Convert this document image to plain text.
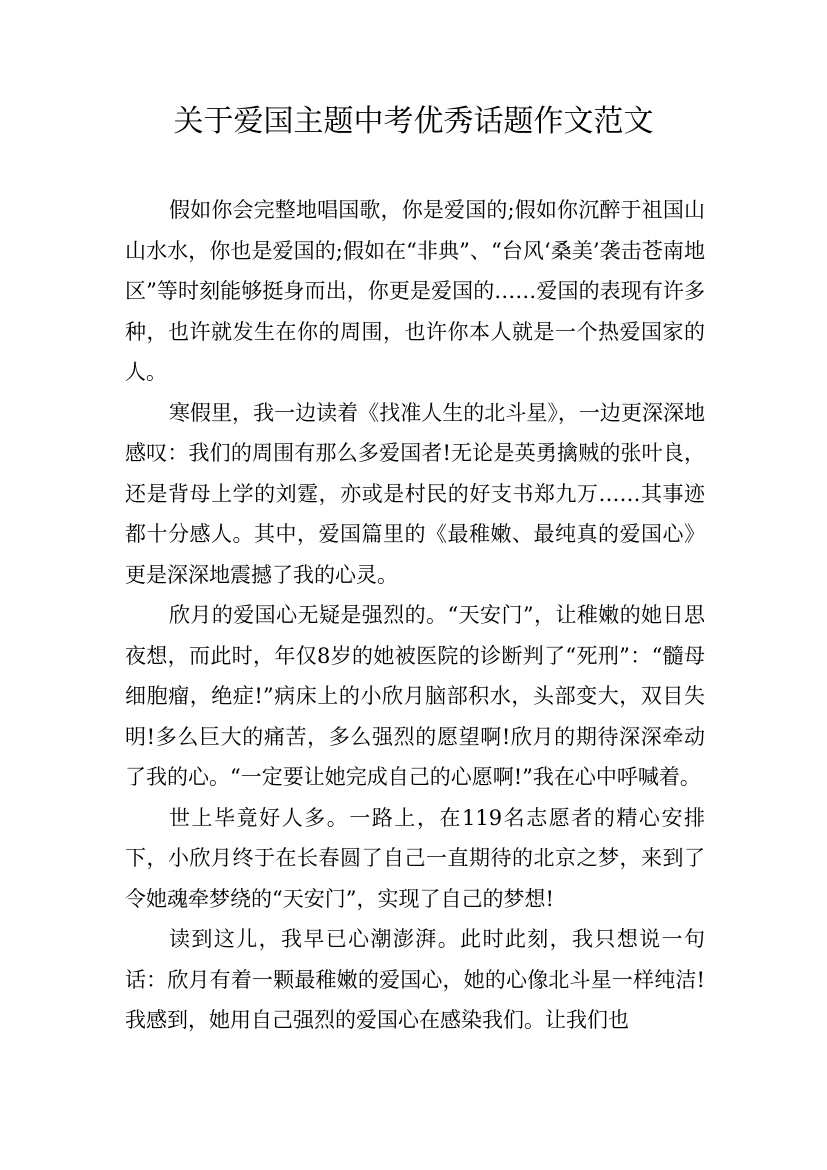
关于爱国主题中考优秀话题作文范文

假如你会完整地唱国歌，你是爱国的;假如你沉醉于祖国山山水水，你也是爱国的;假如在“非典”、“台风‘桑美’袭击苍南地区”等时刻能够挺身而出，你更是爱国的……爱国的表现有许多种，也许就发生在你的周围，也许你本人就是一个热爱国家的人。

寒假里，我一边读着《找准人生的北斗星》，一边更深深地感叹：我们的周围有那么多爱国者!无论是英勇擒贼的张叶良，还是背母上学的刘霆，亦或是村民的好支书郑九万……其事迹都十分感人。其中，爱国篇里的《最稚嫩、最纯真的爱国心》更是深深地震撼了我的心灵。

欣月的爱国心无疑是强烈的。“天安门”，让稚嫩的她日思夜想，而此时，年仅8岁的她被医院的诊断判了“死刑”：“髓母细胞瘤，绝症!”病床上的小欣月脑部积水，头部变大，双目失明!多么巨大的痛苦，多么强烈的愿望啊!欣月的期待深深牵动了我的心。“一定要让她完成自己的心愿啊!”我在心中呼喊着。

世上毕竟好人多。一路上，在119名志愿者的精心安排下，小欣月终于在长春圆了自己一直期待的北京之梦，来到了令她魂牵梦绕的“天安门”，实现了自己的梦想!

读到这儿，我早已心潮澎湃。此时此刻，我只想说一句话：欣月有着一颗最稚嫩的爱国心，她的心像北斗星一样纯洁!我感到，她用自己强烈的爱国心在感染我们。让我们也
